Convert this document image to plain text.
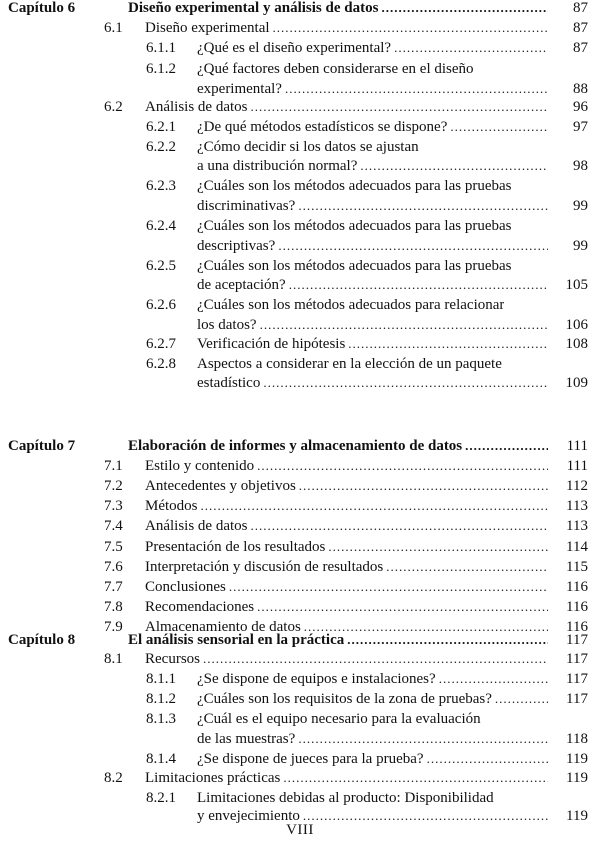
Capítulo 6	Diseño experimental y análisis de datos .....	87
6.1 Diseño experimental .....	87
6.1.1 ¿Qué es el diseño experimental? .....	87
6.1.2 ¿Qué factores deben considerarse en el diseño
experimental? .....	88
6.2 Análisis de datos .....	96
6.2.1 ¿De qué métodos estadísticos se dispone? .....	97
6.2.2 ¿Cómo decidir si los datos se ajustan
a una distribución normal? .....	98
6.2.3 ¿Cuáles son los métodos adecuados para las pruebas
discriminativas? .....	99
6.2.4 ¿Cuáles son los métodos adecuados para las pruebas
descriptivas? .....	99
6.2.5 ¿Cuáles son los métodos adecuados para las pruebas
de aceptación? .....	105
6.2.6 ¿Cuáles son los métodos adecuados para relacionar
los datos? .....	106
6.2.7 Verificación de hipótesis .....	108
6.2.8 Aspectos a considerar en la elección de un paquete
estadístico .....	109
Capítulo 7	Elaboración de informes y almacenamiento de datos .....	111
7.1 Estilo y contenido .....	111
7.2 Antecedentes y objetivos .....	112
7.3 Métodos .....	113
7.4 Análisis de datos .....	113
7.5 Presentación de los resultados .....	114
7.6 Interpretación y discusión de resultados .....	115
7.7 Conclusiones .....	116
7.8 Recomendaciones .....	116
7.9 Almacenamiento de datos .....	116
Capítulo 8	El análisis sensorial en la práctica .....	117
8.1 Recursos .....	117
8.1.1 ¿Se dispone de equipos e instalaciones? .....	117
8.1.2 ¿Cuáles son los requisitos de la zona de pruebas? .....	117
8.1.3 ¿Cuál es el equipo necesario para la evaluación
de las muestras? .....	118
8.1.4 ¿Se dispone de jueces para la prueba? .....	119
8.2 Limitaciones prácticas .....	119
8.2.1 Limitaciones debidas al producto: Disponibilidad
y envejecimiento .....	119
VIII
